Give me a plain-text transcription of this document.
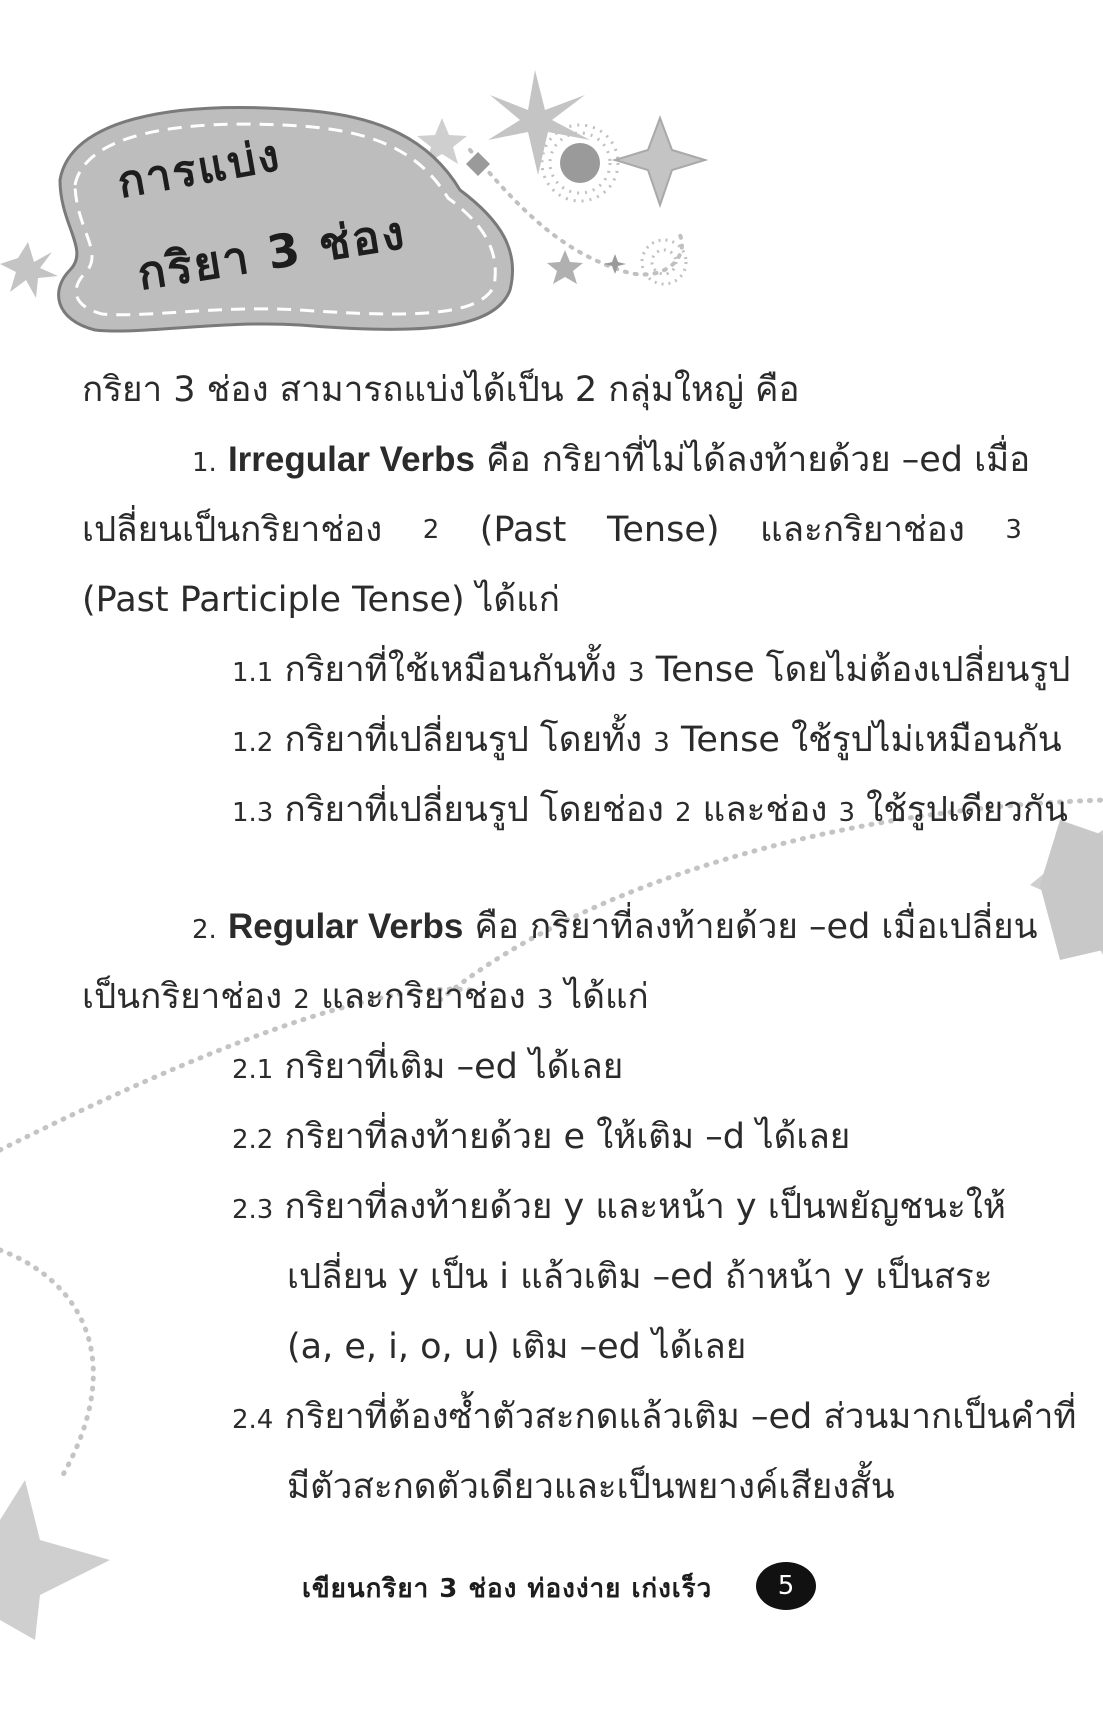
การแบ่ง
กริยา 3 ช่อง
กริยา 3 ช่อง สามารถแบ่งได้เป็น 2 กลุ่มใหญ่ คือ
1. Irregular Verbs คือ กริยาที่ไม่ได้ลงท้ายด้วย –ed เมื่อ
เปลี่ยนเป็นกริยาช่อง 2 (Past Tense) และกริยาช่อง 3
(Past Participle Tense) ได้แก่
1.1 กริยาที่ใช้เหมือนกันทั้ง 3 Tense โดยไม่ต้องเปลี่ยนรูป
1.2 กริยาที่เปลี่ยนรูป โดยทั้ง 3 Tense ใช้รูปไม่เหมือนกัน
1.3 กริยาที่เปลี่ยนรูป โดยช่อง 2 และช่อง 3 ใช้รูปเดียวกัน
2. Regular Verbs คือ กริยาที่ลงท้ายด้วย –ed เมื่อเปลี่ยน
เป็นกริยาช่อง 2 และกริยาช่อง 3 ได้แก่
2.1 กริยาที่เติม –ed ได้เลย
2.2 กริยาที่ลงท้ายด้วย e ให้เติม –d ได้เลย
2.3 กริยาที่ลงท้ายด้วย y และหน้า y เป็นพยัญชนะให้
เปลี่ยน y เป็น i แล้วเติม –ed ถ้าหน้า y เป็นสระ
(a, e, i, o, u) เติม –ed ได้เลย
2.4 กริยาที่ต้องซ้ำตัวสะกดแล้วเติม –ed ส่วนมากเป็นคำที่
มีตัวสะกดตัวเดียวและเป็นพยางค์เสียงสั้น
เขียนกริยา 3 ช่อง ท่องง่าย เก่งเร็ว	5
